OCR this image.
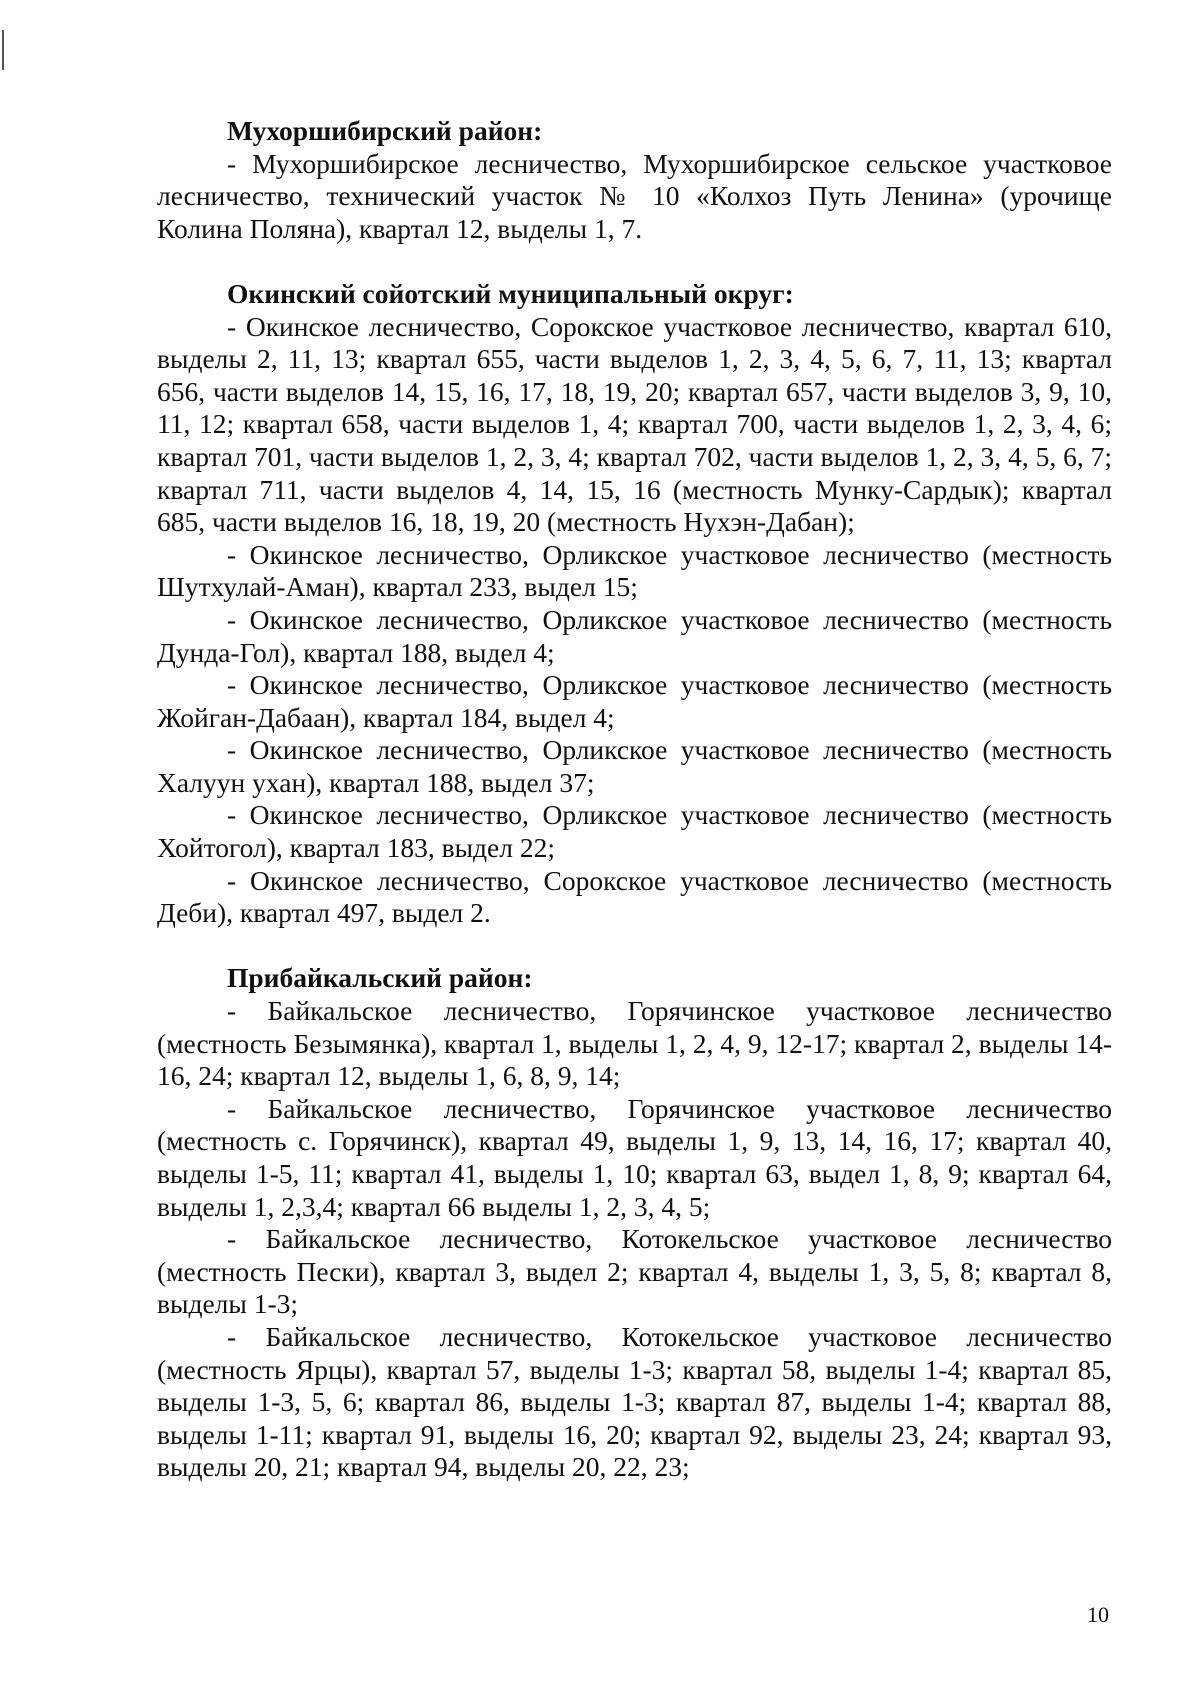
Мухоршибирский район:

- Мухоршибирское лесничество, Мухоршибирское сельское участковое лесничество, технический участок № 10 «Колхоз Путь Ленина» (урочище Колина Поляна), квартал 12, выделы 1, 7.

Окинский сойотский муниципальный округ:

- Окинское лесничество, Сорокское участковое лесничество, квартал 610, выделы 2, 11, 13; квартал 655, части выделов 1, 2, 3, 4, 5, 6, 7, 11, 13; квартал 656, части выделов 14, 15, 16, 17, 18, 19, 20; квартал 657, части выделов 3, 9, 10, 11, 12; квартал 658, части выделов 1, 4; квартал 700, части выделов 1, 2, 3, 4, 6; квартал 701, части выделов 1, 2, 3, 4; квартал 702, части выделов 1, 2, 3, 4, 5, 6, 7; квартал 711, части выделов 4, 14, 15, 16 (местность Мунку-Сардык); квартал 685, части выделов 16, 18, 19, 20 (местность Нухэн-Дабан);

- Окинское лесничество, Орликское участковое лесничество (местность Шутхулай-Аман), квартал 233, выдел 15;

- Окинское лесничество, Орликское участковое лесничество (местность Дунда-Гол), квартал 188, выдел 4;

- Окинское лесничество, Орликское участковое лесничество (местность Жойган-Дабаан), квартал 184, выдел 4;

- Окинское лесничество, Орликское участковое лесничество (местность Халуун ухан), квартал 188, выдел 37;

- Окинское лесничество, Орликское участковое лесничество (местность Хойтогол), квартал 183, выдел 22;

- Окинское лесничество, Сорокское участковое лесничество (местность Деби), квартал 497, выдел 2.

Прибайкальский район:

- Байкальское лесничество, Горячинское участковое лесничество (местность Безымянка), квартал 1, выделы 1, 2, 4, 9, 12-17; квартал 2, выделы 14-16, 24; квартал 12, выделы 1, 6, 8, 9, 14;

- Байкальское лесничество, Горячинское участковое лесничество (местность с. Горячинск), квартал 49, выделы 1, 9, 13, 14, 16, 17; квартал 40, выделы 1-5, 11; квартал 41, выделы 1, 10; квартал 63, выдел 1, 8, 9; квартал 64, выделы 1, 2,3,4; квартал 66 выделы 1, 2, 3, 4, 5;

- Байкальское лесничество, Котокельское участковое лесничество (местность Пески), квартал 3, выдел 2; квартал 4, выделы 1, 3, 5, 8; квартал 8, выделы 1-3;

- Байкальское лесничество, Котокельское участковое лесничество (местность Ярцы), квартал 57, выделы 1-3; квартал 58, выделы 1-4; квартал 85, выделы 1-3, 5, 6; квартал 86, выделы 1-3; квартал 87, выделы 1-4; квартал 88, выделы 1-11; квартал 91, выделы 16, 20; квартал 92, выделы 23, 24; квартал 93, выделы 20, 21; квартал 94, выделы 20, 22, 23;

10
